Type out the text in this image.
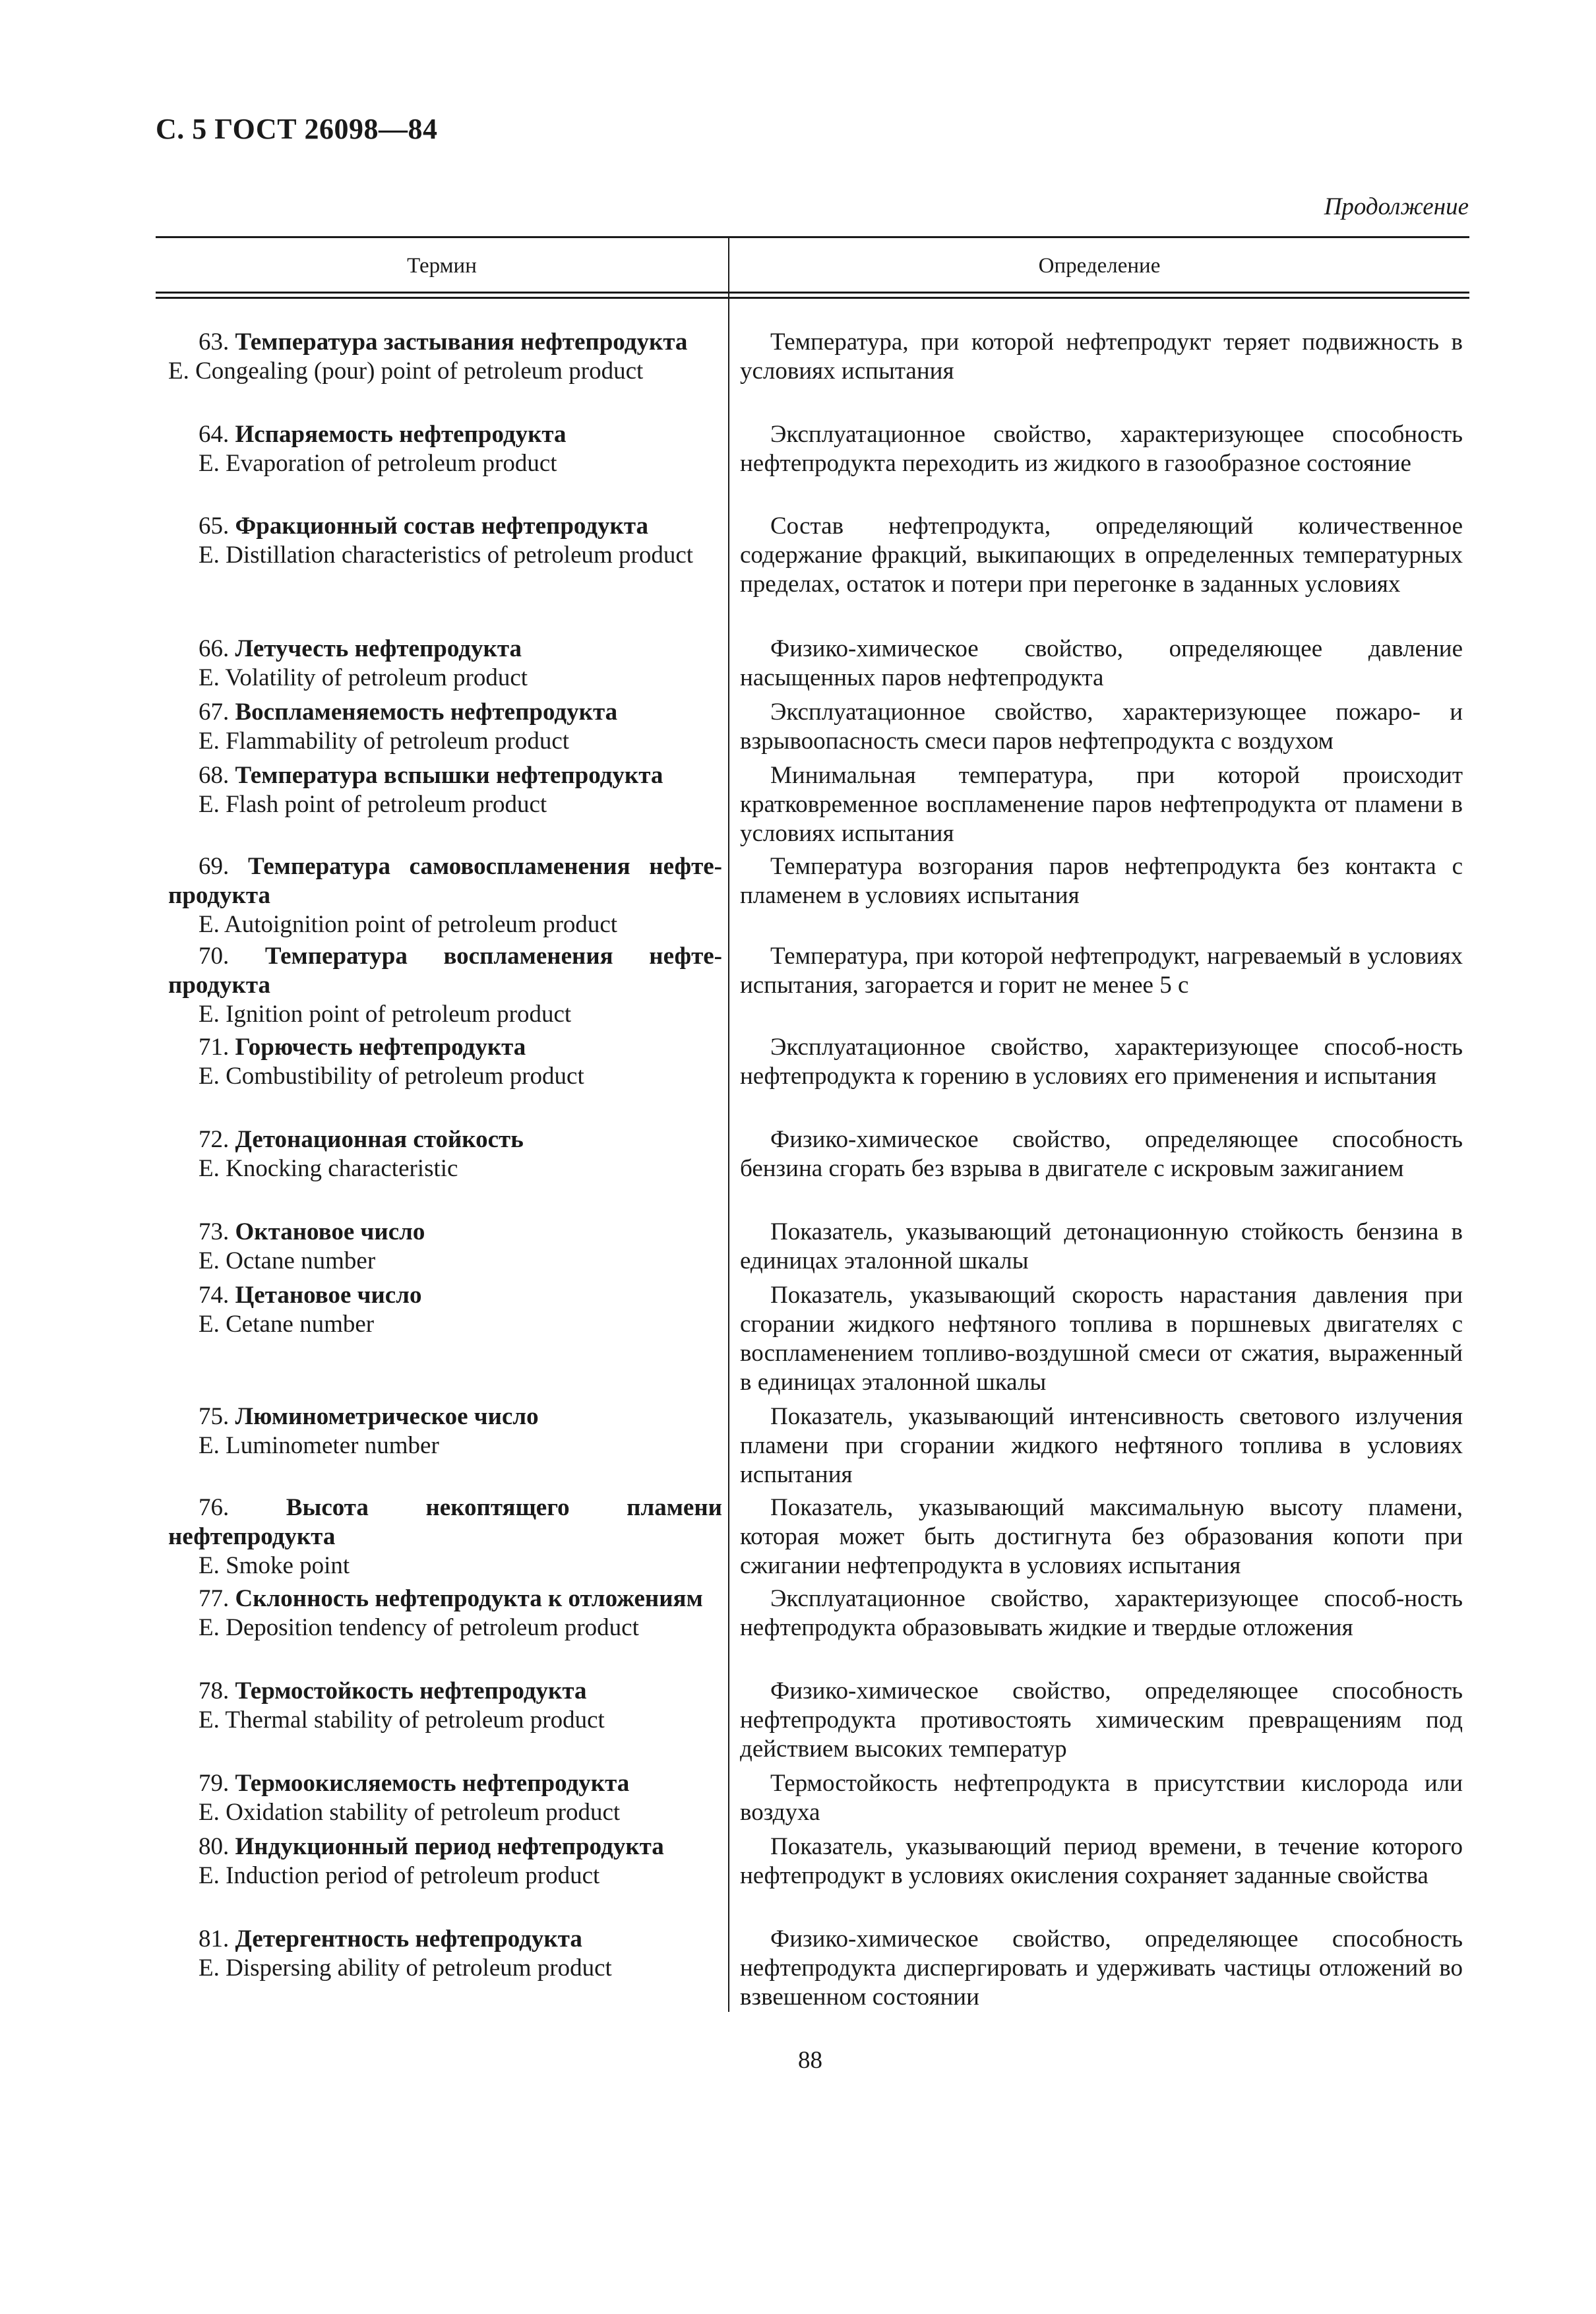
С. 5 ГОСТ 26098—84
Продолжение
Термин	Определение

63. Температура застывания нефтепродукта
E. Congealing (pour) point of petroleum product

Температура, при которой нефтепродукт теряет подвижность в условиях испытания

64. Испаряемость нефтепродукта
E. Evaporation of petroleum product

Эксплуатационное свойство, характеризующее способность нефтепродукта переходить из жидкого в газообразное состояние

65. Фракционный состав нефтепродукта
E. Distillation characteristics of petroleum product

Состав нефтепродукта, определяющий количественное содержание фракций, выкипающих в определенных температурных пределах, остаток и потери при перегонке в заданных условиях

66. Летучесть нефтепродукта
E. Volatility of petroleum product

Физико-химическое свойство, определяющее давление насыщенных паров нефтепродукта

67. Воспламеняемость нефтепродукта
E. Flammability of petroleum product

Эксплуатационное свойство, характеризующее пожаро- и взрывоопасность смеси паров нефтепродукта с воздухом

68. Температура вспышки нефтепродукта
E. Flash point of petroleum product

Минимальная температура, при которой происходит кратковременное воспламенение паров нефтепродукта от пламени в условиях испытания

69. Температура самовоспламенения нефте-продукта
E. Autoignition point of petroleum product

Температура возгорания паров нефтепродукта без контакта с пламенем в условиях испытания

70. Температура воспламенения нефте-продукта
E. Ignition point of petroleum product

Температура, при которой нефтепродукт, нагреваемый в условиях испытания, загорается и горит не менее 5 с

71. Горючесть нефтепродукта
E. Combustibility of petroleum product

Эксплуатационное свойство, характеризующее способ-ность нефтепродукта к горению в условиях его применения и испытания

72. Детонационная стойкость
E. Knocking characteristic

Физико-химическое свойство, определяющее способность бензина сгорать без взрыва в двигателе с искровым зажиганием

73. Октановое число
E. Octane number

Показатель, указывающий детонационную стойкость бензина в единицах эталонной шкалы

74. Цетановое число
E. Cetane number

Показатель, указывающий скорость нарастания давления при сгорании жидкого нефтяного топлива в поршневых двигателях с воспламенением топливо-воздушной смеси от сжатия, выраженный в единицах эталонной шкалы

75. Люминометрическое число
E. Luminometer number

Показатель, указывающий интенсивность светового излучения пламени при сгорании жидкого нефтяного топлива в условиях испытания

76. Высота некоптящего пламени нефтепродукта
E. Smoke point

Показатель, указывающий максимальную высоту пламени, которая может быть достигнута без образования копоти при сжигании нефтепродукта в условиях испытания

77. Склонность нефтепродукта к отложениям
E. Deposition tendency of petroleum product

Эксплуатационное свойство, характеризующее способ-ность нефтепродукта образовывать жидкие и твердые отложения

78. Термостойкость нефтепродукта
E. Thermal stability of petroleum product

Физико-химическое свойство, определяющее способность нефтепродукта противостоять химическим превращениям под действием высоких температур

79. Термоокисляемость нефтепродукта
E. Oxidation stability of petroleum product

Термостойкость нефтепродукта в присутствии кислорода или воздуха

80. Индукционный период нефтепродукта
E. Induction period of petroleum product

Показатель, указывающий период времени, в течение которого нефтепродукт в условиях окисления сохраняет заданные свойства

81. Детергентность нефтепродукта
E. Dispersing ability of petroleum product

Физико-химическое свойство, определяющее способность нефтепродукта диспергировать и удерживать частицы отложений во взвешенном состоянии

88
